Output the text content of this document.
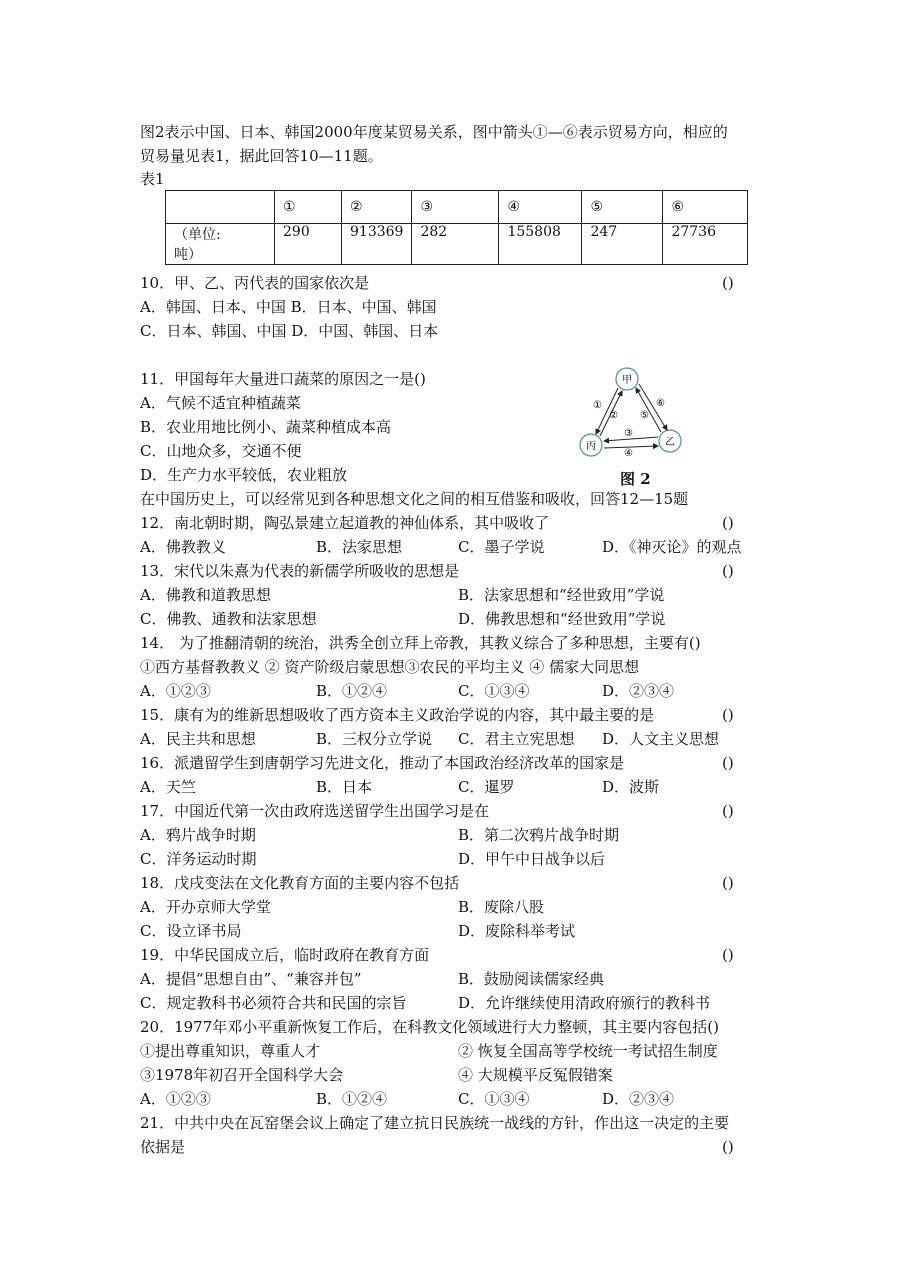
图2表示中国、日本、韩国2000年度某贸易关系，图中箭头①—⑥表示贸易方向，相应的
贸易量见表1，据此回答10—11题。
表1
	①	②	③	④	⑤	⑥

（单位:
吨）	290	913369	282	155808	247	27736
甲
丙	乙
①
②
③
④
⑤
⑥
图 2
10．甲、乙、丙代表的国家依次是	()
A．韩国、日本、中国 B．日本、中国、韩国
C．日本、韩国、中国 D．中国、韩国、日本
11．甲国每年大量进口蔬菜的原因之一是()
A．气候不适宜种植蔬菜
B．农业用地比例小、蔬菜种植成本高
C．山地众多，交通不便
D．生产力水平较低，农业粗放
在中国历史上，可以经常见到各种思想文化之间的相互借鉴和吸收，回答12—15题
12．南北朝时期，陶弘景建立起道教的神仙体系，其中吸收了	()
A．佛教教义	B．法家思想	C．墨子学说	D．《神灭论》的观点
13．宋代以朱熹为代表的新儒学所吸收的思想是	()
A．佛教和道教思想	B．法家思想和“经世致用”学说
C．佛教、通教和法家思想	D．佛教思想和“经世致用”学说
14． 为了推翻清朝的统治，洪秀全创立拜上帝教，其教义综合了多种思想，主要有()
①西方基督教教义 ② 资产阶级启蒙思想③农民的平均主义 ④ 儒家大同思想
A．①②③	B．①②④	C．①③④	D．②③④
15．康有为的维新思想吸收了西方资本主义政治学说的内容，其中最主要的是	()
A．民主共和思想	B．三权分立学说 C．君主立宪思想 D．人文主义思想
16．派遣留学生到唐朝学习先进文化，推动了本国政治经济改革的国家是	()
A．天竺	B．日本	C．暹罗	D．波斯
17．中国近代第一次由政府选送留学生出国学习是在	()
A．鸦片战争时期	B．第二次鸦片战争时期
C．洋务运动时期	D．甲午中日战争以后
18．戊戌变法在文化教育方面的主要内容不包括	()
A．开办京师大学堂	B．废除八股
C．设立译书局	D．废除科举考试
19．中华民国成立后，临时政府在教育方面	()
A．提倡“思想自由”、“兼容并包”	B．鼓励阅读儒家经典
C．规定教科书必须符合共和民国的宗旨	D．允许继续使用清政府颁行的教科书
20．1977年邓小平重新恢复工作后，在科教文化领域进行大力整顿，其主要内容包括()
①提出尊重知识，尊重人才	② 恢复全国高等学校统一考试招生制度
③1978年初召开全国科学大会	④ 大规模平反冤假错案
A．①②③	B．①②④	C．①③④	D．②③④
21．中共中央在瓦窑堡会议上确定了建立抗日民族统一战线的方针，作出这一决定的主要
依据是	()
